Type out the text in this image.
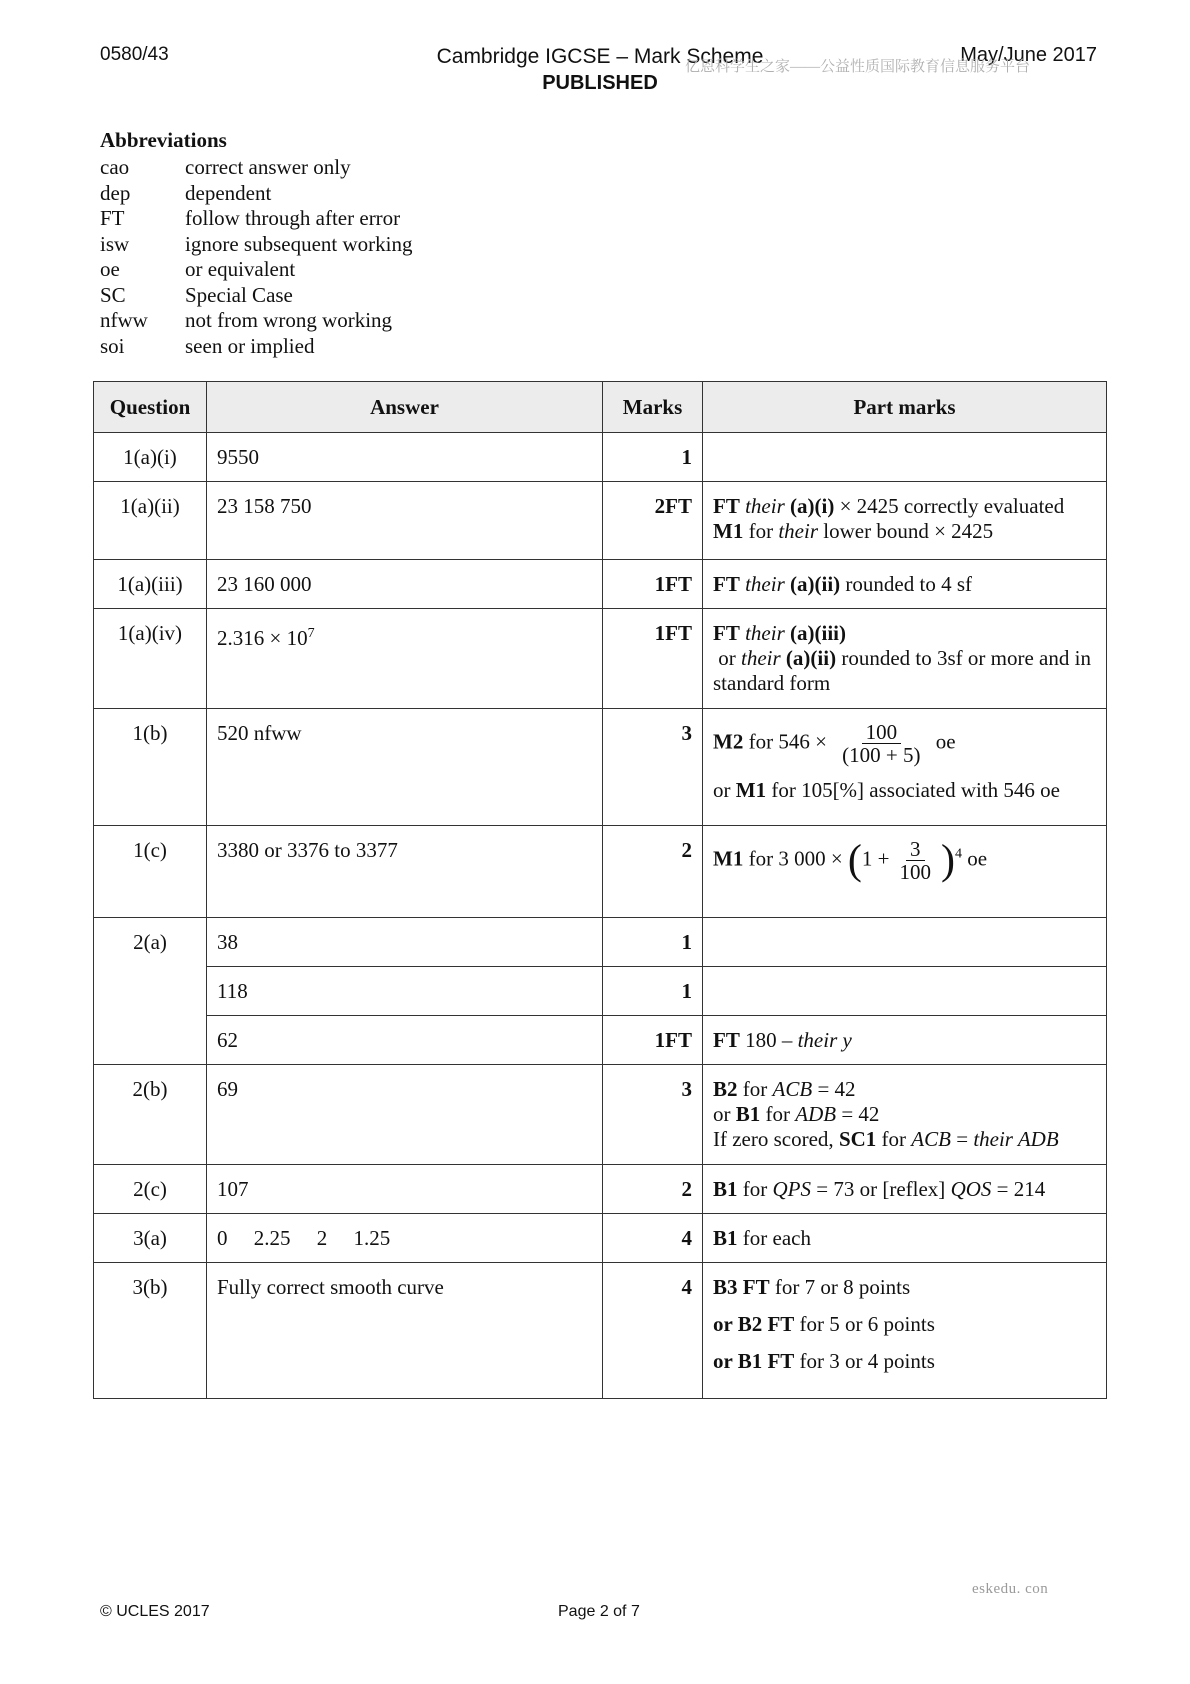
0580/43	Cambridge IGCSE – Mark Scheme
PUBLISHED
May/June 2017
亿恩科学生之家——公益性质国际教育信息服务平台
Abbreviations
cao	correct answer only
dep	dependent
FT	follow through after error
isw	ignore subsequent working
oe	or equivalent
SC	Special Case
nfww	not from wrong working
soi	seen or implied
Question	Answer	Marks	Part marks
1(a)(i)	9550	1	
1(a)(ii)	23 158 750	2FT	FT their (a)(i) × 2425 correctly evaluated
M1 for their lower bound × 2425

1(a)(iii)	23 160 000	1FT	FT their (a)(ii) rounded to 4 sf
1(a)(iv)	$2.316 \times 10^7$	1FT	FT their (a)(iii)
or their (a)(ii) rounded to 3sf or more and in standard form

1(b)	520 nfww	3	M2 for $546 \times \frac{100}{(100 + 5)}$ oe
or M1 for 105[%] associated with 546 oe

1(c)	3380 or 3376 to 3377	2	M1 for 3 $000 \times (1 + \frac{3}{100} )^4$ oe
2(a)	38	1	
	118	1	
	62	1FT	FT 180 – their y
2(b)	69	3	B2 for ACB = 42
or B1 for ADB = 42
If zero scored, SC1 for ACB = their ADB

2(c)	107	2	B1 for QPS = 73 or [reflex] QOS = 214
3(a)	0     2.25     2     1.25	4	B1 for each
3(b)	Fully correct smooth curve	4	B3 FT for 7 or 8 points
or B2 FT for 5 or 6 points
or B1 FT for 3 or 4 points
eskedu. con
© UCLES 2017	Page 2 of 7
